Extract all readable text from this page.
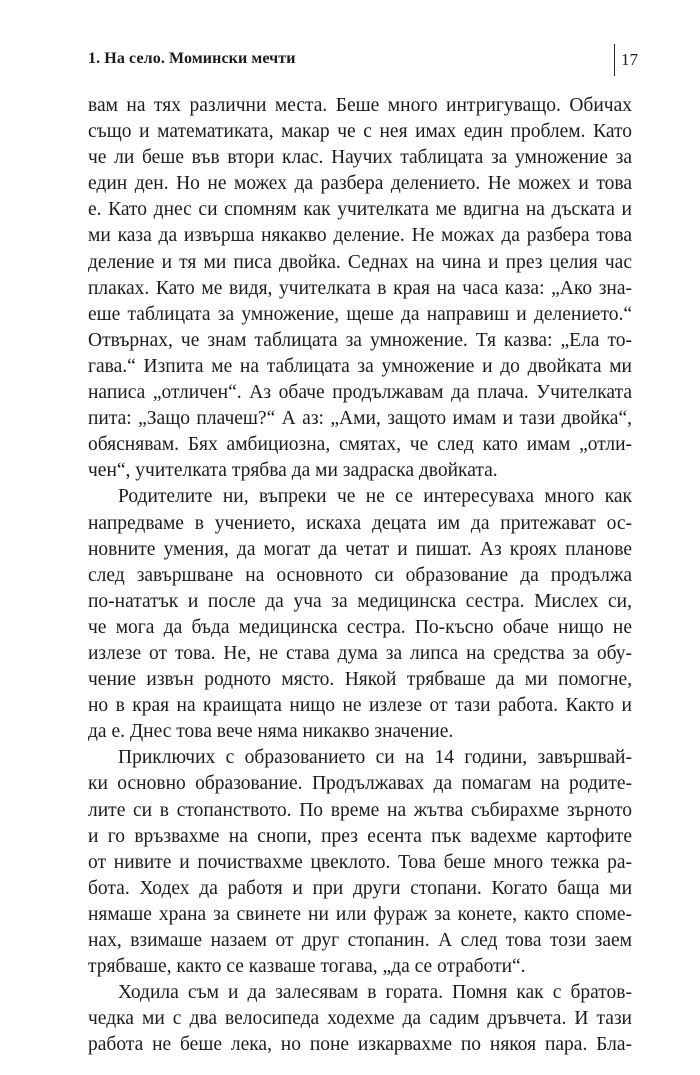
1. На село. Момински мечти	17
вам на тях различни места. Беше много интригуващо. Обичах
също и математиката, макар че с нея имах един проблем. Като
че ли беше във втори клас. Научих таблицата за умножение за
един ден. Но не можех да разбера делението. Не можех и това
е. Като днес си спомням как учителката ме вдигна на дъската и
ми каза да извърша някакво деление. Не можах да разбера това
деление и тя ми писа двойка. Седнах на чина и през целия час
плаках. Като ме видя, учителката в края на часа каза: „Ако зна-
еше таблицата за умножение, щеше да направиш и делението.“
Отвърнах, че знам таблицата за умножение. Тя казва: „Ела то-
гава.“ Изпита ме на таблицата за умножение и до двойката ми
написа „отличен“. Аз обаче продължавам да плача. Учителката
пита: „Защо плачеш?“ А аз: „Ами, защото имам и тази двойка“,
обяснявам. Бях амбициозна, смятах, че след като имам „отли-
чен“, учителката трябва да ми задраска двойката.
Родителите ни, въпреки че не се интересуваха много как
напредваме в учението, искаха децата им да притежават ос-
новните умения, да могат да четат и пишат. Аз кроях планове
след завършване на основното си образование да продължа
по-нататък и после да уча за медицинска сестра. Мислех си,
че мога да бъда медицинска сестра. По-късно обаче нищо не
излезе от това. Не, не става дума за липса на средства за обу-
чение извън родното място. Някой трябваше да ми помогне,
но в края на краищата нищо не излезе от тази работа. Както и
да е. Днес това вече няма никакво значение.
Приключих с образованието си на 14 години, завършвай-
ки основно образование. Продължавах да помагам на родите-
лите си в стопанството. По време на жътва събирахме зърното
и го връзвахме на снопи, през есента пък вадехме картофите
от нивите и почиствахме цвеклото. Това беше много тежка ра-
бота. Ходех да работя и при други стопани. Когато баща ми
нямаше храна за свинете ни или фураж за конете, както спомe-
нах, взимаше назаем от друг стопанин. А след това този заем
трябваше, както се казваше тогава, „да се отработи“.
Ходила съм и да залесявам в гората. Помня как с братов-
чедка ми с два велосипеда ходехме да садим дръвчета. И тази
работа не беше лека, но поне изкарвахме по някоя пара. Бла-
